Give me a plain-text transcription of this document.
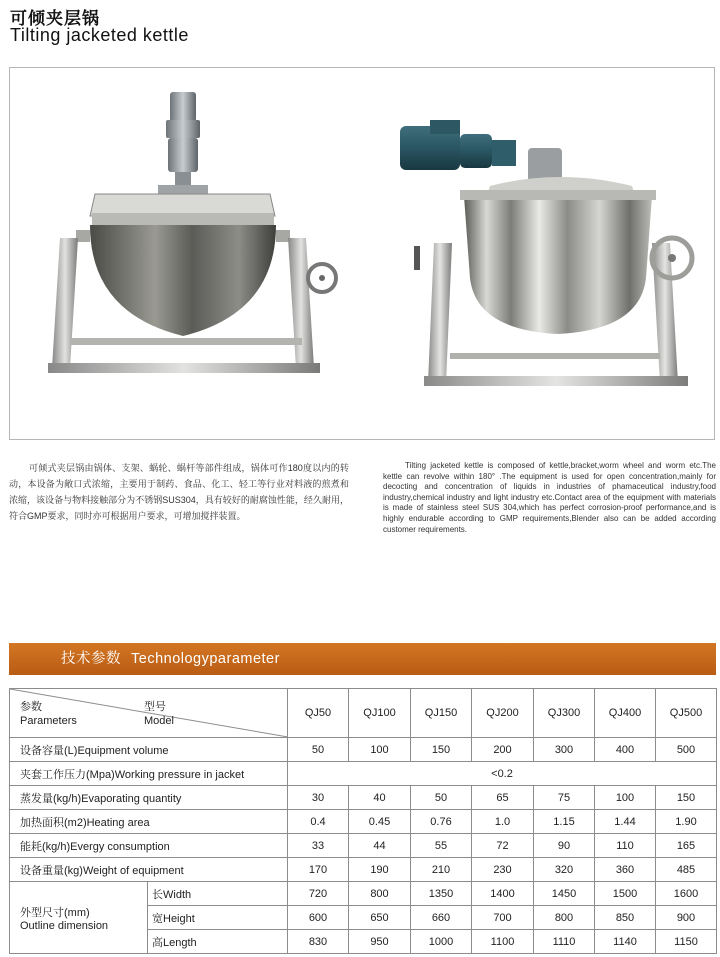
可倾夹层锅
Tilting jacketed kettle
可倾式夹层锅由锅体、支架、蜗轮、蜗杆等部件组成，锅体可作180度以内的转动，本设备为敞口式浓缩，主要用于制药、食品、化工、轻工等行业对料液的煎煮和浓缩，该设备与物料接触部分为不锈钢SUS304，具有较好的耐腐蚀性能，经久耐用，符合GMP要求，同时亦可根据用户要求，可增加搅拌装置。
Tilting jacketed kettle is composed of kettle,bracket,worm wheel and worm etc.The kettle can revolve within 180° .The equipment is used for open concentration,mainly for decocting and concentration of liquids in industries of phamaceutical industry,food industry,chemical industry and light industry etc.Contact area of the equipment with materials is made of stainless steel SUS 304,which has perfect corrosion-proof performance,and is highly endurable according to GMP requirements,Blender also can be added according customer requirements.
技术参数 Technologyparameter
参数
Parameters
型号
Model		QJ50	QJ100	QJ150	QJ200	QJ300	QJ400	QJ500
设备容量(L)Equipment volume		50	100	150	200	300	400	500
夹套工作压力(Mpa)Working pressure in jacket		<0.2						
蒸发量(kg/h)Evaporating quantity		30	40	50	65	75	100	150
加热面积(m2)Heating area		0.4	0.45	0.76	1.0	1.15	1.44	1.90
能耗(kg/h)Evergy consumption		33	44	55	72	90	110	165
设备重量(kg)Weight of equipment		170	190	210	230	320	360	485

外型尺寸(mm)
Outline dimension	长Width	720	800	1350	1400	1450	1500	1600
	宽Height	600	650	660	700	800	850	900
	高Length	830	950	1000	1100	1110	1140	1150
